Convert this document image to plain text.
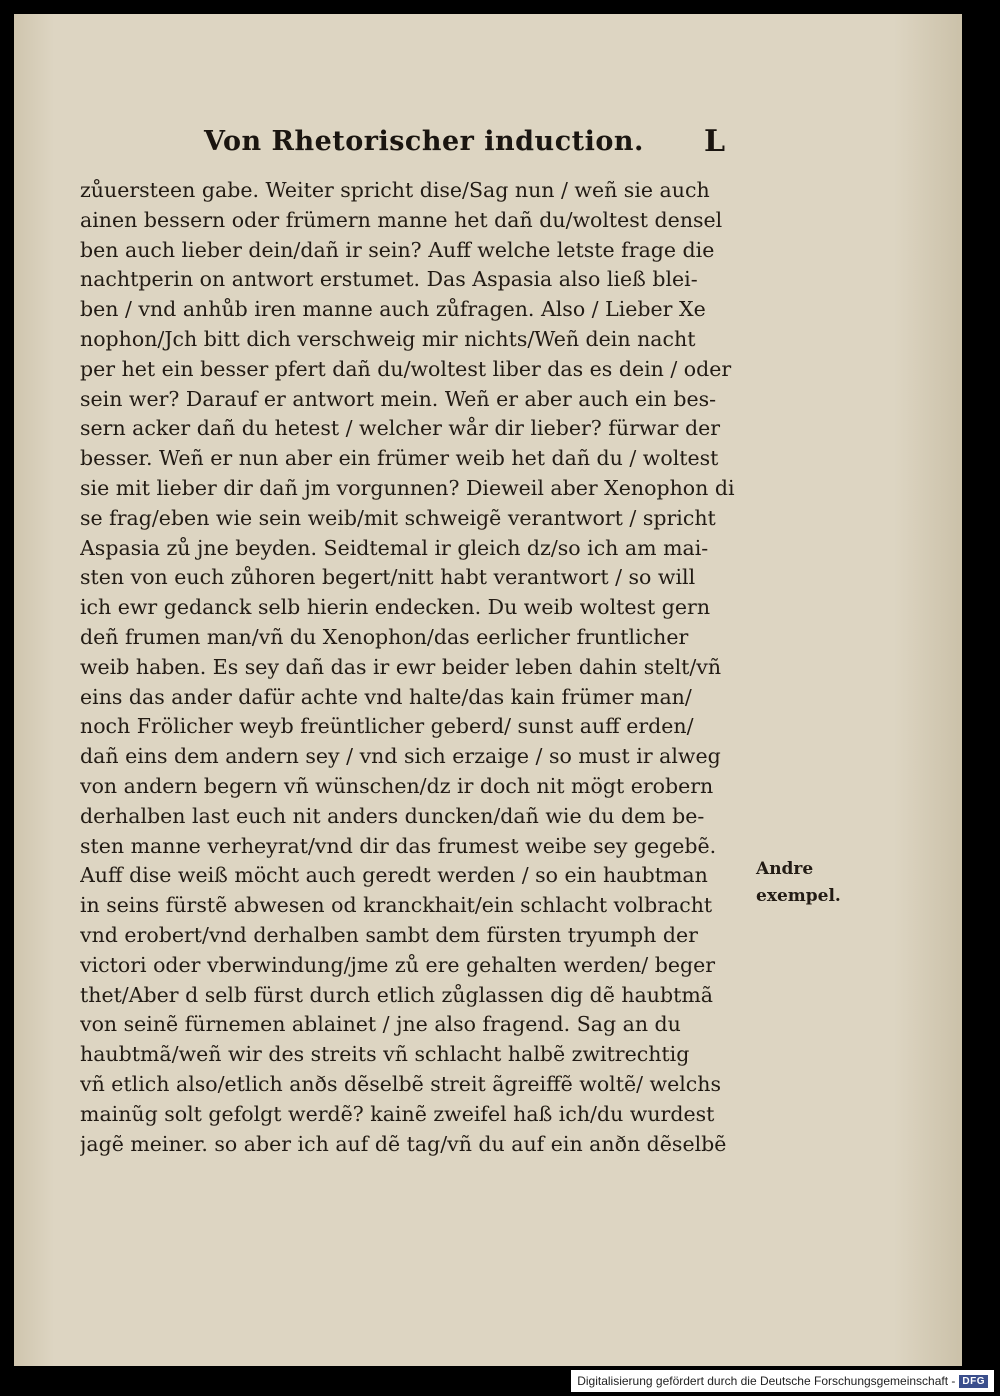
Von Rhetorischer induction. L
zůuersteen gabe. Weiter spricht dise/Sag nun / weñ sie auch
ainen bessern oder frümern manne het dañ du/woltest densel
ben auch lieber dein/dañ ir sein? Auff welche letste frage die
nachtperin on antwort erstumet. Das Aspasia also ließ blei-
ben / vnd anhůb iren manne auch zůfragen. Also / Lieber Xe
nophon/Jch bitt dich verschweig mir nichts/Weñ dein nacht
per het ein besser pfert dañ du/woltest liber das es dein / oder
sein wer? Darauf er antwort mein. Weñ er aber auch ein bes-
sern acker dañ du hetest / welcher wår dir lieber? fürwar der
besser. Weñ er nun aber ein frümer weib het dañ du / woltest
sie mit lieber dir dañ jm vorgunnen? Dieweil aber Xenophon di
se frag/eben wie sein weib/mit schweigẽ verantwort / spricht
Aspasia zů jne beyden. Seidtemal ir gleich dz/so ich am mai-
sten von euch zůhoren begert/nitt habt verantwort / so will
ich ewr gedanck selb hierin endecken. Du weib woltest gern
deñ frumen man/vñ du Xenophon/das eerlicher fruntlicher
weib haben. Es sey dañ das ir ewr beider leben dahin stelt/vñ
eins das ander dafür achte vnd halte/das kain frümer man/
noch Frölicher weyb freüntlicher geberd/ sunst auff erden/
dañ eins dem andern sey / vnd sich erzaige / so must ir alweg
von andern begern vñ wünschen/dz ir doch nit mögt erobern
derhalben last euch nit anders duncken/dañ wie du dem be-
sten manne verheyrat/vnd dir das frumest weibe sey gegebẽ.
Auff dise weiß möcht auch geredt werden / so ein haubtman
in seins fürstẽ abwesen od kranckhait/ein schlacht volbracht
vnd erobert/vnd derhalben sambt dem fürsten tryumph der
victori oder vberwindung/jme zů ere gehalten werden/ beger
thet/Aber d selb fürst durch etlich zůglassen dig dẽ haubtmã
von seinẽ fürnemen ablainet / jne also fragend. Sag an du
haubtmã/weñ wir des streits vñ schlacht halbẽ zwitrechtig
vñ etlich also/etlich anðs dẽselbẽ streit ãgreiffẽ woltẽ/ welchs
mainũg solt gefolgt werdẽ? kainẽ zweifel haß ich/du wurdest
jagẽ meiner. so aber ich auf dẽ tag/vñ du auf ein anðn dẽselbẽ
Andre
exempel.
Digitalisierung gefördert durch die Deutsche Forschungsgemeinschaft - DFG
